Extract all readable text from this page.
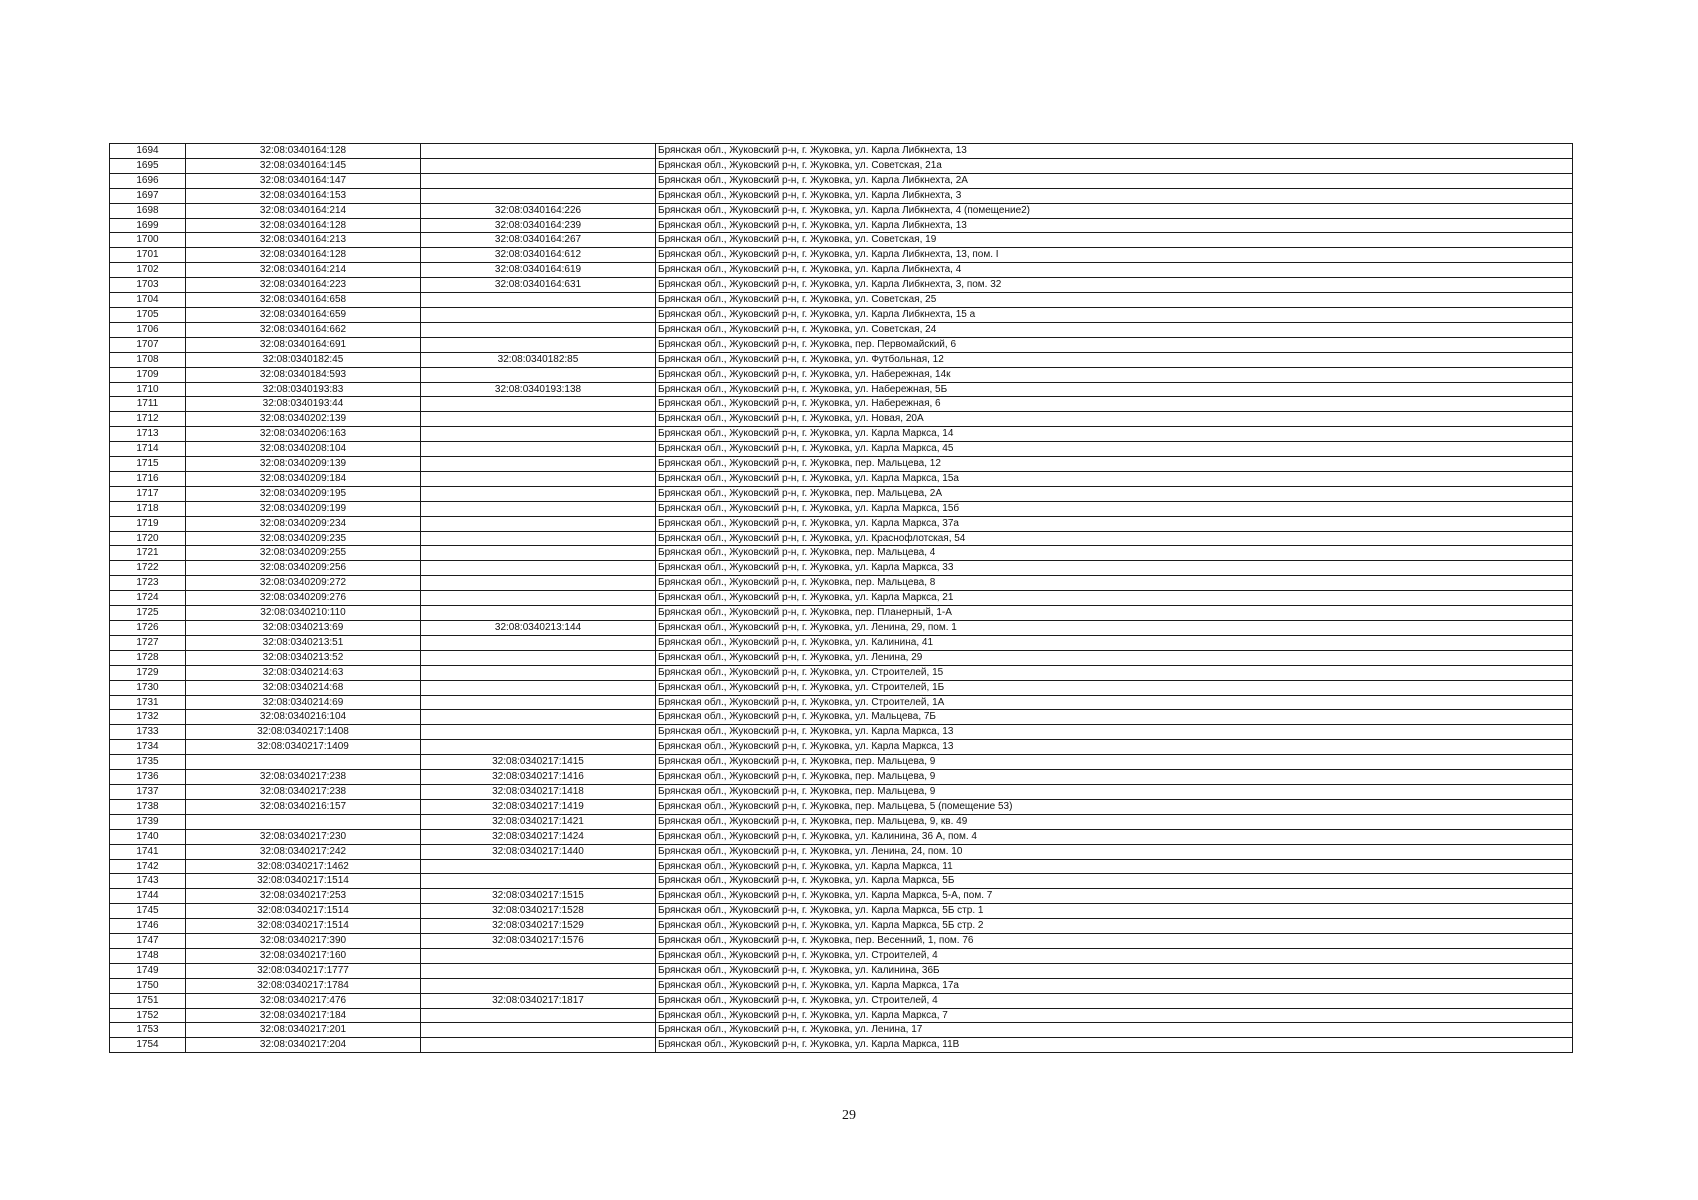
1694	32:08:0340164:128		Брянская обл., Жуковский р-н, г. Жуковка, ул. Карла Либкнехта, 13
1695	32:08:0340164:145		Брянская обл., Жуковский р-н, г. Жуковка, ул. Советская, 21а
1696	32:08:0340164:147		Брянская обл., Жуковский р-н, г. Жуковка, ул. Карла Либкнехта, 2А
1697	32:08:0340164:153		Брянская обл., Жуковский р-н, г. Жуковка, ул. Карла Либкнехта, 3
1698	32:08:0340164:214	32:08:0340164:226	Брянская обл., Жуковский р-н, г. Жуковка, ул. Карла Либкнехта, 4 (помещение2)
1699	32:08:0340164:128	32:08:0340164:239	Брянская обл., Жуковский р-н, г. Жуковка, ул. Карла Либкнехта, 13
1700	32:08:0340164:213	32:08:0340164:267	Брянская обл., Жуковский р-н, г. Жуковка, ул. Советская, 19
1701	32:08:0340164:128	32:08:0340164:612	Брянская обл., Жуковский р-н, г. Жуковка, ул. Карла Либкнехта, 13, пом. I
1702	32:08:0340164:214	32:08:0340164:619	Брянская обл., Жуковский р-н, г. Жуковка, ул. Карла Либкнехта, 4
1703	32:08:0340164:223	32:08:0340164:631	Брянская обл., Жуковский р-н, г. Жуковка, ул. Карла Либкнехта, 3, пом. 32
1704	32:08:0340164:658		Брянская обл., Жуковский р-н, г. Жуковка, ул. Советская, 25
1705	32:08:0340164:659		Брянская обл., Жуковский р-н, г. Жуковка, ул. Карла Либкнехта, 15 а
1706	32:08:0340164:662		Брянская обл., Жуковский р-н, г. Жуковка, ул. Советская, 24
1707	32:08:0340164:691		Брянская обл., Жуковский р-н, г. Жуковка, пер. Первомайский, 6
1708	32:08:0340182:45	32:08:0340182:85	Брянская обл., Жуковский р-н, г. Жуковка, ул. Футбольная, 12
1709	32:08:0340184:593		Брянская обл., Жуковский р-н, г. Жуковка, ул. Набережная, 14к
1710	32:08:0340193:83	32:08:0340193:138	Брянская обл., Жуковский р-н, г. Жуковка, ул. Набережная, 5Б
1711	32:08:0340193:44		Брянская обл., Жуковский р-н, г. Жуковка, ул. Набережная, 6
1712	32:08:0340202:139		Брянская обл., Жуковский р-н, г. Жуковка, ул. Новая, 20А
1713	32:08:0340206:163		Брянская обл., Жуковский р-н, г. Жуковка, ул. Карла Маркса, 14
1714	32:08:0340208:104		Брянская обл., Жуковский р-н, г. Жуковка, ул. Карла Маркса, 45
1715	32:08:0340209:139		Брянская обл., Жуковский р-н, г. Жуковка, пер. Мальцева, 12
1716	32:08:0340209:184		Брянская обл., Жуковский р-н, г. Жуковка, ул. Карла Маркса, 15а
1717	32:08:0340209:195		Брянская обл., Жуковский р-н, г. Жуковка, пер. Мальцева, 2А
1718	32:08:0340209:199		Брянская обл., Жуковский р-н, г. Жуковка, ул. Карла Маркса, 15б
1719	32:08:0340209:234		Брянская обл., Жуковский р-н, г. Жуковка, ул. Карла Маркса, 37а
1720	32:08:0340209:235		Брянская обл., Жуковский р-н, г. Жуковка, ул. Краснофлотская, 54
1721	32:08:0340209:255		Брянская обл., Жуковский р-н, г. Жуковка, пер. Мальцева, 4
1722	32:08:0340209:256		Брянская обл., Жуковский р-н, г. Жуковка, ул. Карла Маркса, 33
1723	32:08:0340209:272		Брянская обл., Жуковский р-н, г. Жуковка, пер. Мальцева, 8
1724	32:08:0340209:276		Брянская обл., Жуковский р-н, г. Жуковка, ул. Карла Маркса, 21
1725	32:08:0340210:110		Брянская обл., Жуковский р-н, г. Жуковка, пер. Планерный, 1-А
1726	32:08:0340213:69	32:08:0340213:144	Брянская обл., Жуковский р-н, г. Жуковка, ул. Ленина, 29, пом. 1
1727	32:08:0340213:51		Брянская обл., Жуковский р-н, г. Жуковка, ул. Калинина, 41
1728	32:08:0340213:52		Брянская обл., Жуковский р-н, г. Жуковка, ул. Ленина, 29
1729	32:08:0340214:63		Брянская обл., Жуковский р-н, г. Жуковка, ул. Строителей, 15
1730	32:08:0340214:68		Брянская обл., Жуковский р-н, г. Жуковка, ул. Строителей, 1Б
1731	32:08:0340214:69		Брянская обл., Жуковский р-н, г. Жуковка, ул. Строителей, 1А
1732	32:08:0340216:104		Брянская обл., Жуковский р-н, г. Жуковка, ул. Мальцева, 7Б
1733	32:08:0340217:1408		Брянская обл., Жуковский р-н, г. Жуковка, ул. Карла Маркса, 13
1734	32:08:0340217:1409		Брянская обл., Жуковский р-н, г. Жуковка, ул. Карла Маркса, 13
1735		32:08:0340217:1415	Брянская обл., Жуковский р-н, г. Жуковка, пер. Мальцева, 9
1736	32:08:0340217:238	32:08:0340217:1416	Брянская обл., Жуковский р-н, г. Жуковка, пер. Мальцева, 9
1737	32:08:0340217:238	32:08:0340217:1418	Брянская обл., Жуковский р-н, г. Жуковка, пер. Мальцева, 9
1738	32:08:0340216:157	32:08:0340217:1419	Брянская обл., Жуковский р-н, г. Жуковка, пер. Мальцева, 5 (помещение 53)
1739		32:08:0340217:1421	Брянская обл., Жуковский р-н, г. Жуковка, пер. Мальцева, 9, кв. 49
1740	32:08:0340217:230	32:08:0340217:1424	Брянская обл., Жуковский р-н, г. Жуковка, ул. Калинина, 36 А, пом. 4
1741	32:08:0340217:242	32:08:0340217:1440	Брянская обл., Жуковский р-н, г. Жуковка, ул. Ленина, 24, пом. 10
1742	32:08:0340217:1462		Брянская обл., Жуковский р-н, г. Жуковка, ул. Карла Маркса, 11
1743	32:08:0340217:1514		Брянская обл., Жуковский р-н, г. Жуковка, ул. Карла Маркса, 5Б
1744	32:08:0340217:253	32:08:0340217:1515	Брянская обл., Жуковский р-н, г. Жуковка, ул. Карла Маркса, 5-А, пом. 7
1745	32:08:0340217:1514	32:08:0340217:1528	Брянская обл., Жуковский р-н, г. Жуковка, ул. Карла Маркса, 5Б стр. 1
1746	32:08:0340217:1514	32:08:0340217:1529	Брянская обл., Жуковский р-н, г. Жуковка, ул. Карла Маркса, 5Б стр. 2
1747	32:08:0340217:390	32:08:0340217:1576	Брянская обл., Жуковский р-н, г. Жуковка, пер. Весенний, 1, пом. 76
1748	32:08:0340217:160		Брянская обл., Жуковский р-н, г. Жуковка, ул. Строителей, 4
1749	32:08:0340217:1777		Брянская обл., Жуковский р-н, г. Жуковка, ул. Калинина, 36Б
1750	32:08:0340217:1784		Брянская обл., Жуковский р-н, г. Жуковка, ул. Карла Маркса, 17а
1751	32:08:0340217:476	32:08:0340217:1817	Брянская обл., Жуковский р-н, г. Жуковка, ул. Строителей, 4
1752	32:08:0340217:184		Брянская обл., Жуковский р-н, г. Жуковка, ул. Карла Маркса, 7
1753	32:08:0340217:201		Брянская обл., Жуковский р-н, г. Жуковка, ул. Ленина, 17
1754	32:08:0340217:204		Брянская обл., Жуковский р-н, г. Жуковка, ул. Карла Маркса, 11В
29
